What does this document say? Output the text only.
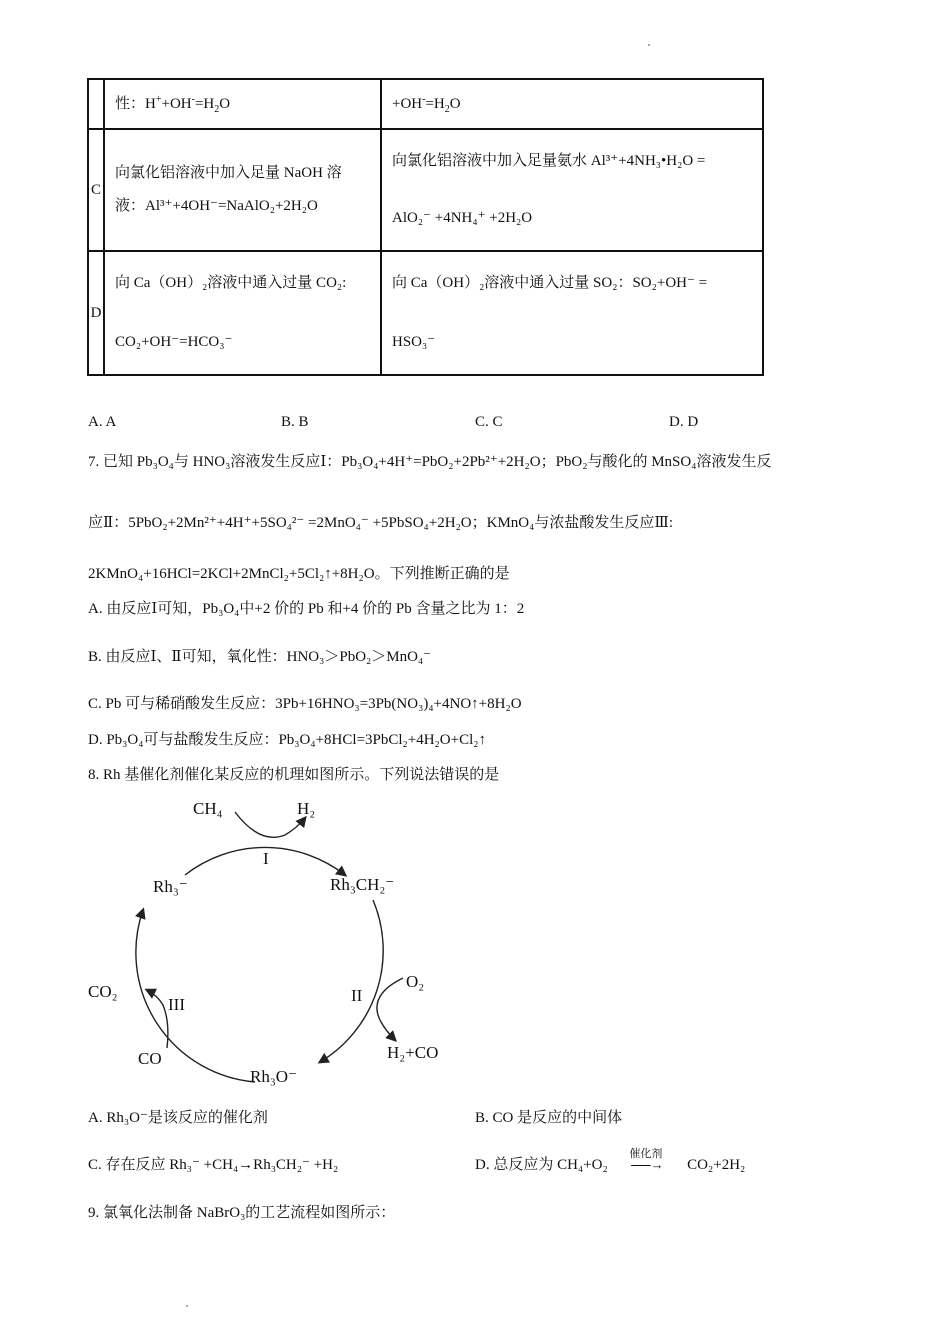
	性：$H^++OH^-=H_2O$	$+OH^-=H_2O$
C	向氯化铝溶液中加入足量 NaOH 溶
液：Al³⁺+4OH⁻=NaAlO₂+2H₂O	向氯化铝溶液中加入足量氨水 Al³⁺+4NH₃•H₂O =
AlO₂⁻ +4NH₄⁺ +2H₂O

D	向 Ca（OH）₂溶液中通入过量 CO₂:
CO₂+OH⁻=HCO₃⁻	向 Ca（OH）₂溶液中通入过量 SO₂：SO₂+OH⁻ =
HSO₃⁻
A. A	B. B	C. C	D. D
7. 已知 Pb₃O₄与 HNO₃溶液发生反应Ⅰ：Pb₃O₄+4H⁺=PbO₂+2Pb²⁺+2H₂O；PbO₂与酸化的 MnSO₄溶液发生反
应Ⅱ：5PbO₂+2Mn²⁺+4H⁺+5SO₄²⁻ =2MnO₄⁻ +5PbSO₄+2H₂O；KMnO₄与浓盐酸发生反应Ⅲ:
2KMnO₄+16HCl=2KCl+2MnCl₂+5Cl₂↑+8H₂O。下列推断正确的是
A. 由反应Ⅰ可知，Pb₃O₄中+2 价的 Pb 和+4 价的 Pb 含量之比为 1：2
B. 由反应Ⅰ、Ⅱ可知，氧化性：HNO₃＞PbO₂＞MnO₄⁻
C. Pb 可与稀硝酸发生反应：3Pb+16HNO₃=3Pb(NO₃)₄+4NO↑+8H₂O
D. Pb₃O₄可与盐酸发生反应：Pb₃O₄+8HCl=3PbCl₂+4H₂O+Cl₂↑
8. Rh 基催化剂催化某反应的机理如图所示。下列说法错误的是
CH₄	H₂
I
Rh₃⁻	Rh₃CH₂⁻
O₂
II
H₂+CO
Rh₃O⁻
CO
III
CO₂
A. Rh₃O⁻是该反应的催化剂	B. CO 是反应的中间体
C. 存在反应 Rh₃⁻ +CH₄→Rh₃CH₂⁻ +H₂	D. 总反应为 CH₄+O₂
催化剂
⎯⎯⎯→ CO₂+2H₂
9. 氯氧化法制备 NaBrO₃的工艺流程如图所示：
